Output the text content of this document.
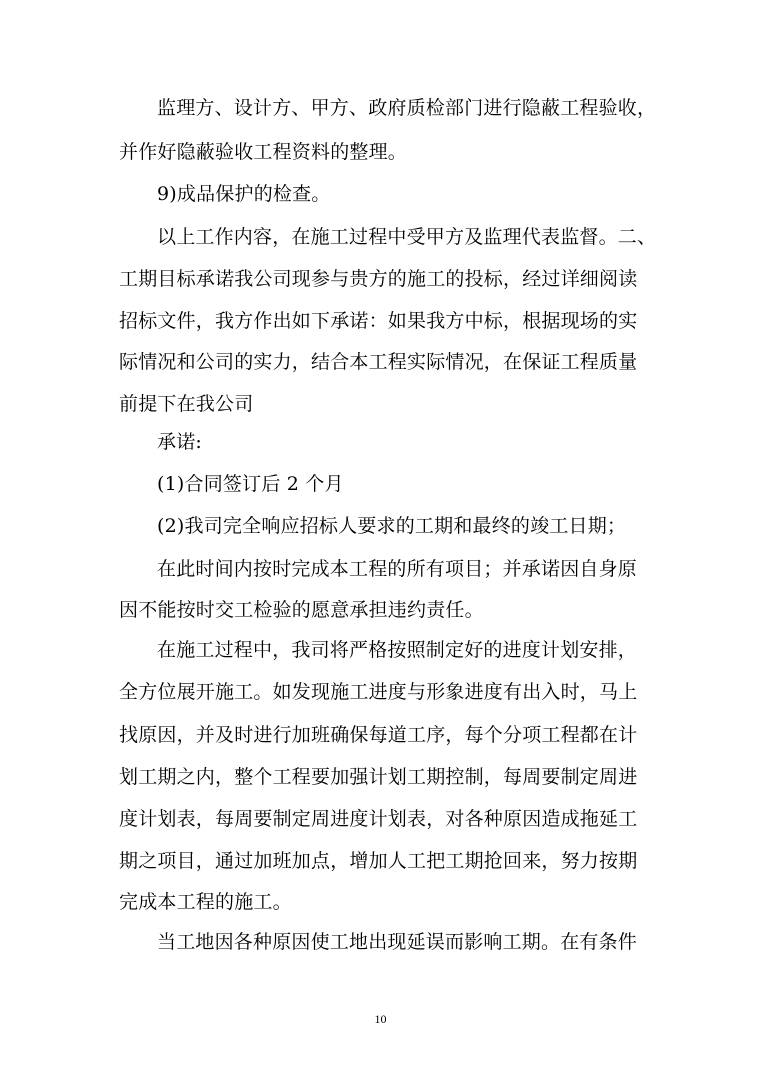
监理方、设计方、甲方、政府质检部门进行隐蔽工程验收，
并作好隐蔽验收工程资料的整理。
9)成品保护的检查。
以上工作内容，在施工过程中受甲方及监理代表监督。二、
工期目标承诺我公司现参与贵方的施工的投标，经过详细阅读
招标文件，我方作出如下承诺：如果我方中标，根据现场的实
际情况和公司的实力，结合本工程实际情况，在保证工程质量
前提下在我公司
承诺:
(1)合同签订后 2 个月
(2)我司完全响应招标人要求的工期和最终的竣工日期；
在此时间内按时完成本工程的所有项目；并承诺因自身原
因不能按时交工检验的愿意承担违约责任。
在施工过程中，我司将严格按照制定好的进度计划安排，
全方位展开施工。如发现施工进度与形象进度有出入时，马上
找原因，并及时进行加班确保每道工序，每个分项工程都在计
划工期之内，整个工程要加强计划工期控制，每周要制定周进
度计划表，每周要制定周进度计划表，对各种原因造成拖延工
期之项目，通过加班加点，增加人工把工期抢回来，努力按期
完成本工程的施工。
当工地因各种原因使工地出现延误而影响工期。在有条件
10
